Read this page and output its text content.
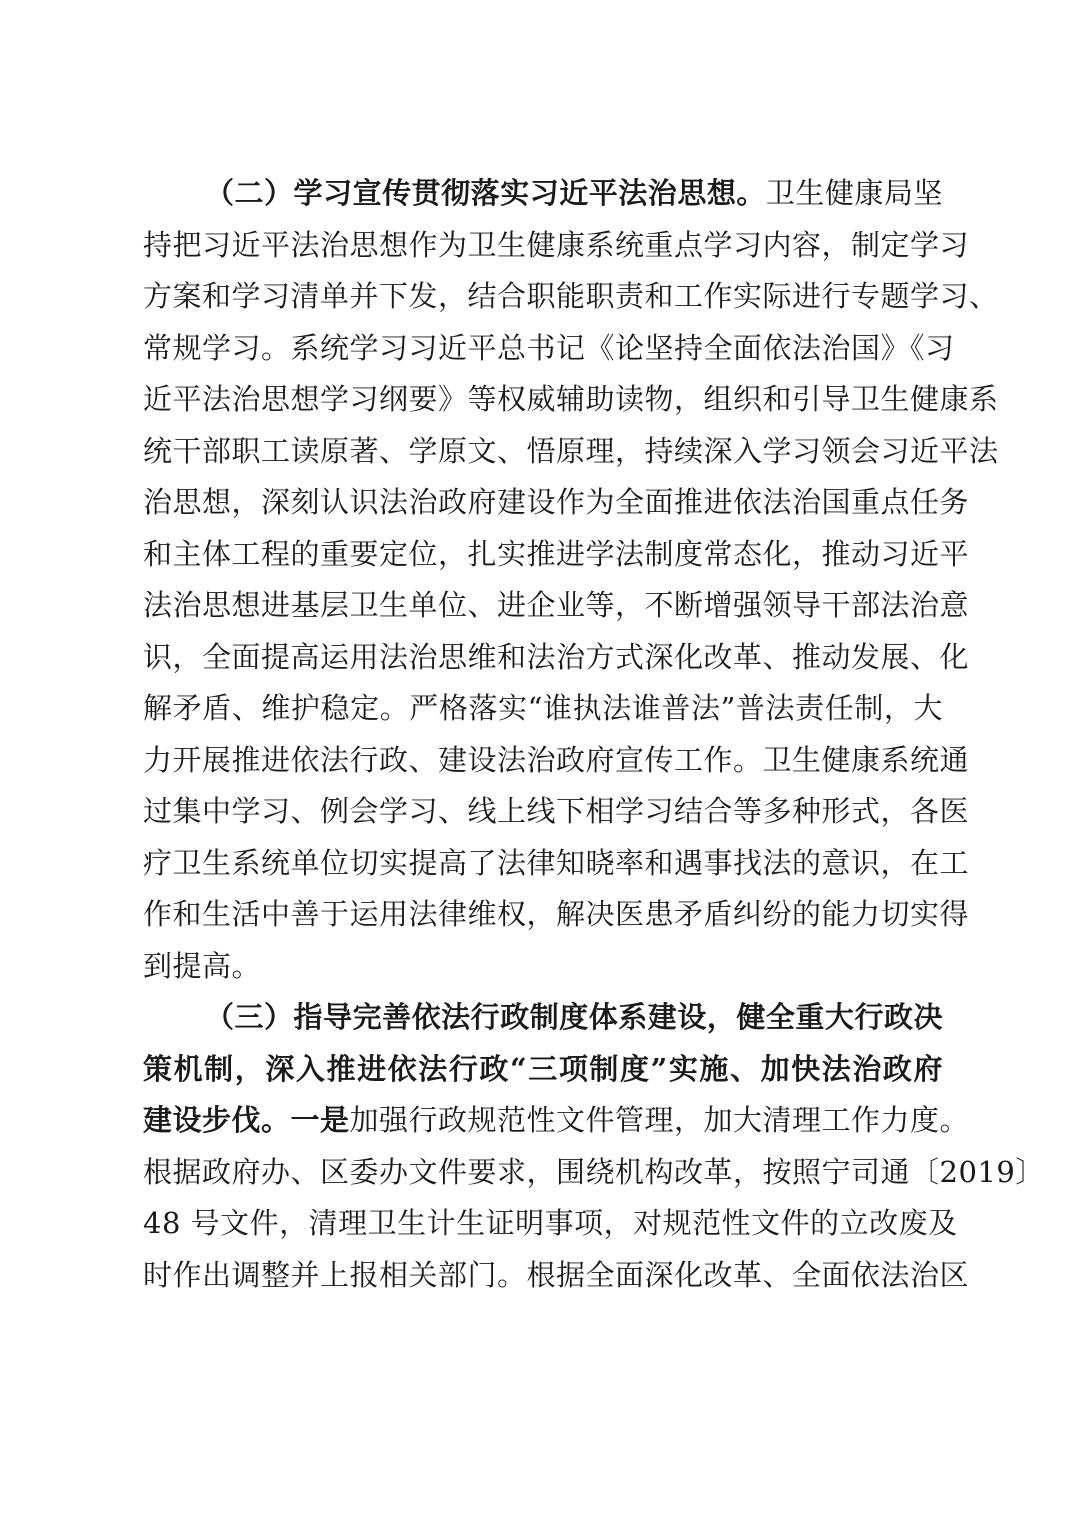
（二）学习宣传贯彻落实习近平法治思想。卫生健康局坚
持把习近平法治思想作为卫生健康系统重点学习内容，制定学习
方案和学习清单并下发，结合职能职责和工作实际进行专题学习、
常规学习。系统学习习近平总书记《论坚持全面依法治国》《习
近平法治思想学习纲要》等权威辅助读物，组织和引导卫生健康系
统干部职工读原著、学原文、悟原理，持续深入学习领会习近平法
治思想，深刻认识法治政府建设作为全面推进依法治国重点任务
和主体工程的重要定位，扎实推进学法制度常态化，推动习近平
法治思想进基层卫生单位、进企业等，不断增强领导干部法治意
识，全面提高运用法治思维和法治方式深化改革、推动发展、化
解矛盾、维护稳定。严格落实“谁执法谁普法”普法责任制，大
力开展推进依法行政、建设法治政府宣传工作。卫生健康系统通
过集中学习、例会学习、线上线下相学习结合等多种形式，各医
疗卫生系统单位切实提高了法律知晓率和遇事找法的意识，在工
作和生活中善于运用法律维权，解决医患矛盾纠纷的能力切实得
到提高。
（三）指导完善依法行政制度体系建设，健全重大行政决
策机制，深入推进依法行政“三项制度”实施、加快法治政府
建设步伐。一是加强行政规范性文件管理，加大清理工作力度。
根据政府办、区委办文件要求，围绕机构改革，按照宁司通〔2019〕
48 号文件，清理卫生计生证明事项，对规范性文件的立改废及
时作出调整并上报相关部门。根据全面深化改革、全面依法治区
